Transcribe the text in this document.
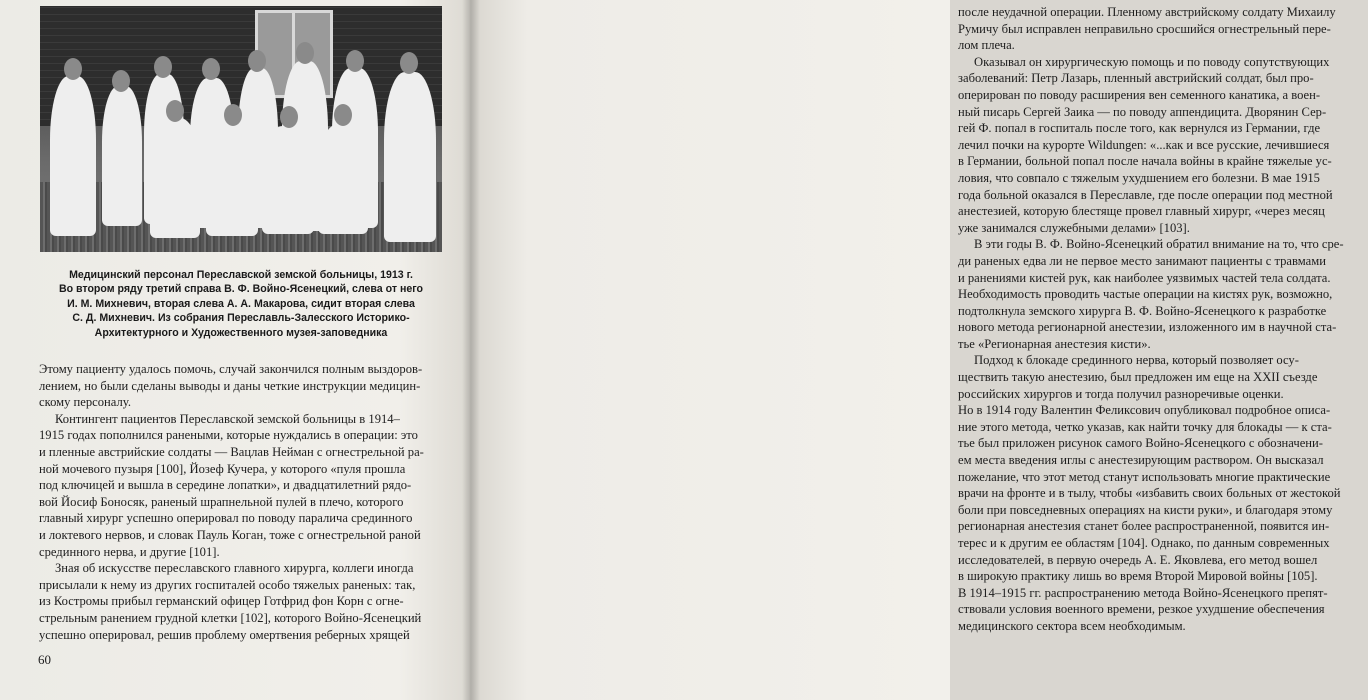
Медицинский персонал Переславской земской больницы, 1913 г.
Во втором ряду третий справа В. Ф. Войно-Ясенецкий, слева от него
И. М. Михневич, вторая слева А. А. Макарова, сидит вторая слева
С. Д. Михневич. Из собрания Переславль-Залесского Историко-
Архитектурного и Художественного музея-заповедника
Этому пациенту удалось помочь, случай закончился полным выздоров-
лением, но были сделаны выводы и даны четкие инструкции медицин-
скому персоналу.
Контингент пациентов Переславской земской больницы в 1914–
1915 годах пополнился ранеными, которые нуждались в операции: это
и пленные австрийские солдаты — Вацлав Нейман с огнестрельной ра-
ной мочевого пузыря [100], Йозеф Кучера, у которого «пуля прошла
под ключицей и вышла в середине лопатки», и двадцатилетний рядо-
вой Йосиф Боносяк, раненый шрапнельной пулей в плечо, которого
главный хирург успешно оперировал по поводу паралича срединного
и локтевого нервов, и словак Пауль Коган, тоже с огнестрельной раной
срединного нерва, и другие [101].
Зная об искусстве переславского главного хирурга, коллеги иногда
присылали к нему из других госпиталей особо тяжелых раненых: так,
из Костромы прибыл германский офицер Готфрид фон Корн с огне-
стрельным ранением грудной клетки [102], которого Войно-Ясенецкий
успешно оперировал, решив проблему омертвения реберных хрящей
60
после неудачной операции. Пленному австрийскому солдату Михаилу
Румичу был исправлен неправильно сросшийся огнестрельный пере-
лом плеча.
Оказывал он хирургическую помощь и по поводу сопутствующих
заболеваний: Петр Лазарь, пленный австрийский солдат, был про-
оперирован по поводу расширения вен семенного канатика, а воен-
ный писарь Сергей Заика — по поводу аппендицита. Дворянин Сер-
гей Ф. попал в госпиталь после того, как вернулся из Германии, где
лечил почки на курорте Wildungen: «...как и все русские, лечившиеся
в Германии, больной попал после начала войны в крайне тяжелые ус-
ловия, что совпало с тяжелым ухудшением его болезни. В мае 1915
года больной оказался в Переславле, где после операции под местной
анестезией, которую блестяще провел главный хирург, «через месяц
уже занимался служебными делами» [103].
В эти годы В. Ф. Войно-Ясенецкий обратил внимание на то, что сре-
ди раненых едва ли не первое место занимают пациенты с травмами
и ранениями кистей рук, как наиболее уязвимых частей тела солдата.
Необходимость проводить частые операции на кистях рук, возможно,
подтолкнула земского хирурга В. Ф. Войно-Ясенецкого к разработке
нового метода регионарной анестезии, изложенного им в научной ста-
тье «Регионарная анестезия кисти».
Подход к блокаде срединного нерва, который позволяет осу-
ществить такую анестезию, был предложен им еще на XXII съезде
российских хирургов и тогда получил разноречивые оценки.
Но в 1914 году Валентин Феликсович опубликовал подробное описа-
ние этого метода, четко указав, как найти точку для блокады — к ста-
тье был приложен рисунок самого Войно-Ясенецкого с обозначени-
ем места введения иглы с анестезирующим раствором. Он высказал
пожелание, что этот метод станут использовать многие практические
врачи на фронте и в тылу, чтобы «избавить своих больных от жестокой
боли при повседневных операциях на кисти руки», и благодаря этому
регионарная анестезия станет более распространенной, появится ин-
терес и к другим ее областям [104]. Однако, по данным современных
исследователей, в первую очередь А. Е. Яковлева, его метод вошел
в широкую практику лишь во время Второй Мировой войны [105].
В 1914–1915 гг. распространению метода Войно-Ясенецкого препят-
ствовали условия военного времени, резкое ухудшение обеспечения
медицинского сектора всем необходимым.
